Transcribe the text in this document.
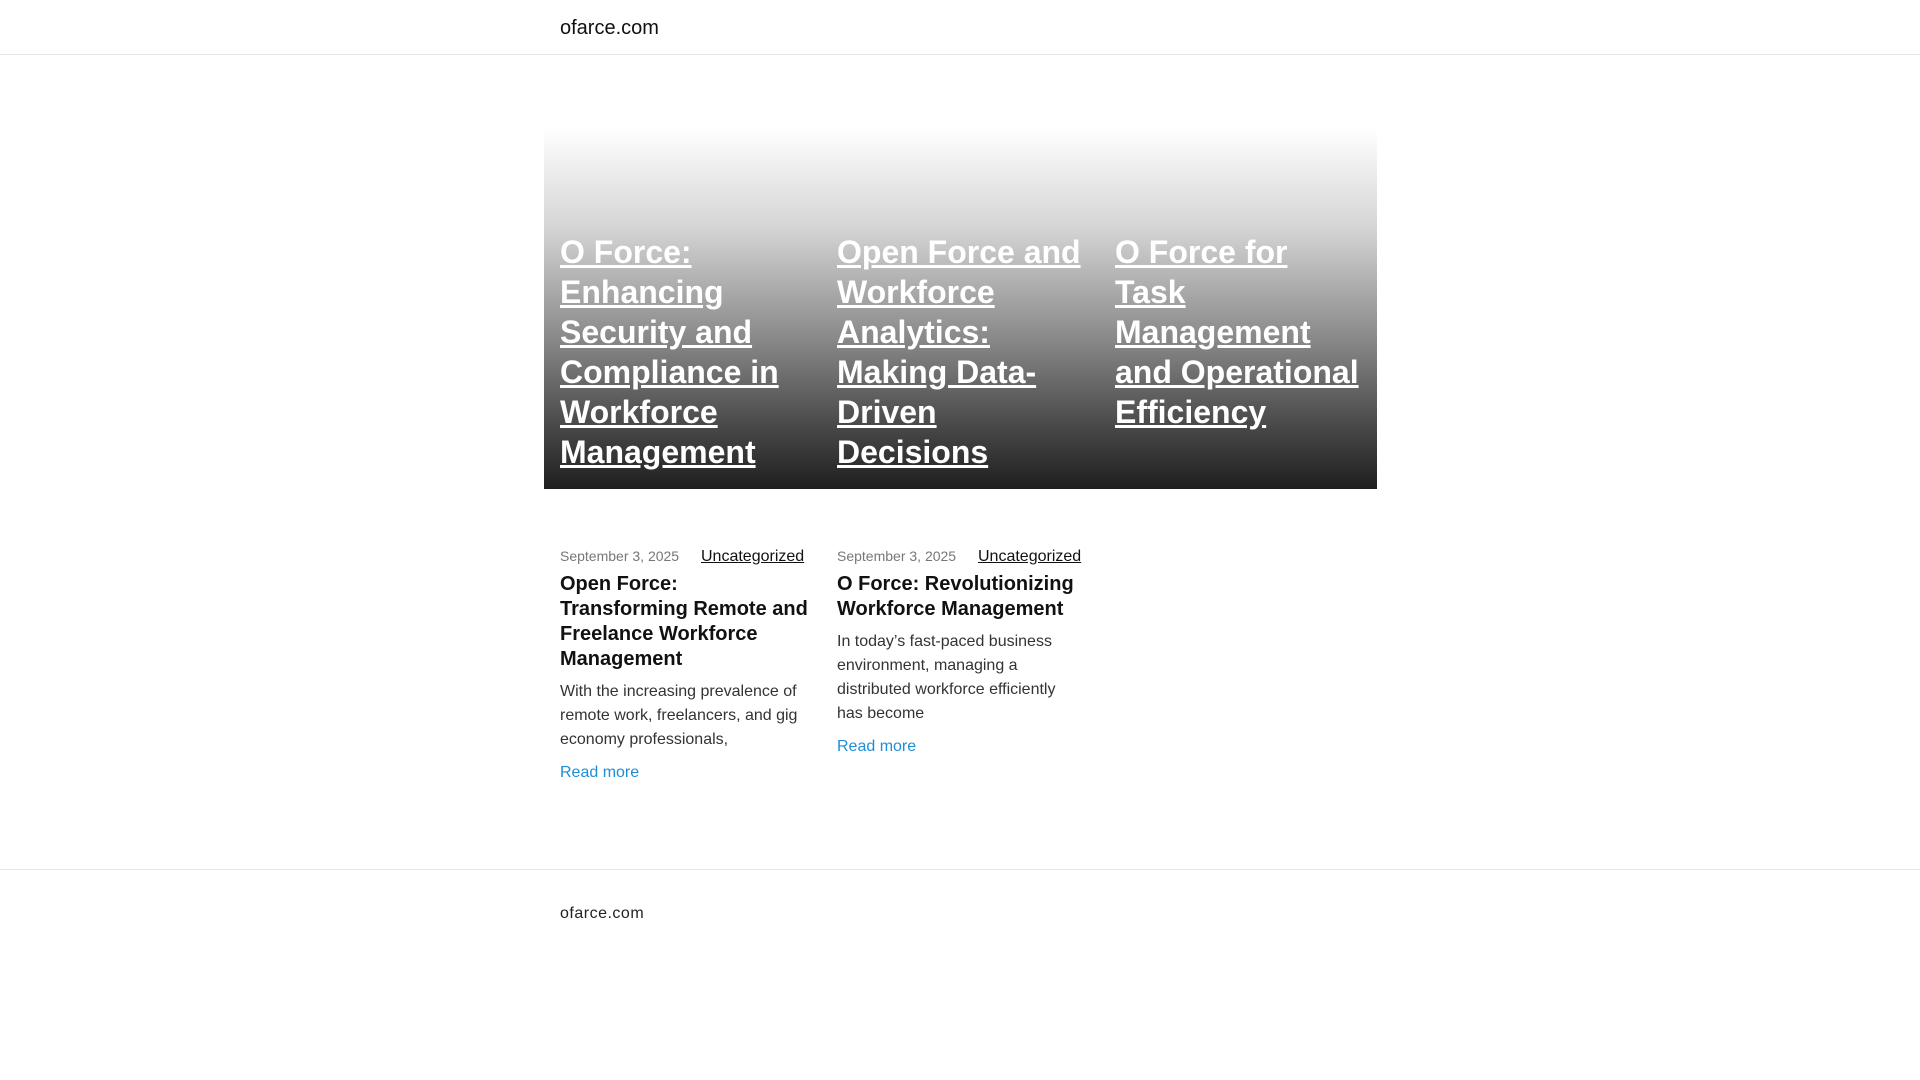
ofarce.com
O Force: Enhancing Security and Compliance in Workforce Management
Open Force and Workforce Analytics: Making Data-Driven Decisions
O Force for Task Management and Operational Efficiency
September 3, 2025 Uncategorized
Open Force: Transforming Remote and Freelance Workforce Management

With the increasing prevalence of remote work, freelancers, and gig economy professionals,

Read more
September 3, 2025 Uncategorized
O Force: Revolutionizing Workforce Management

In today’s fast-paced business environment, managing a distributed workforce efficiently has become

Read more
ofarce.com
